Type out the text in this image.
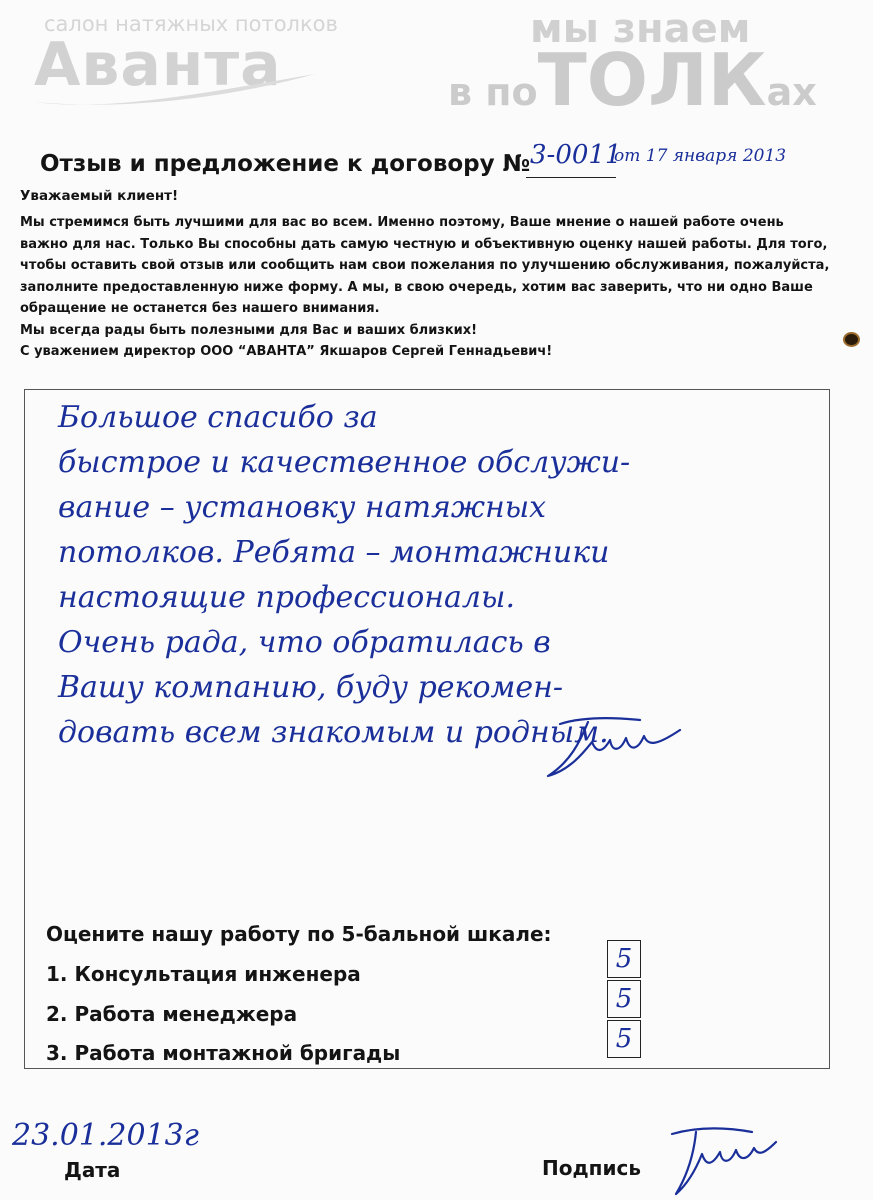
салон натяжных потолков
Аванта
мы знаем
в поТОЛКах
Отзыв и предложение к договору № 3-0011
от 17 января 2013
Уважаемый клиент!

Мы стремимся быть лучшими для вас во всем. Именно поэтому, Ваше мнение о нашей работе очень важно для нас. Только Вы способны дать самую честную и объективную оценку нашей работы. Для того, чтобы оставить свой отзыв или сообщить нам свои пожелания по улучшению обслуживания, пожалуйста, заполните предоставленную ниже форму. А мы, в свою очередь, хотим вас заверить, что ни одно Ваше обращение не останется без нашего внимания.

Мы всегда рады быть полезными для Вас и ваших близких!

С уважением директор ООО “АВАНТА” Якшаров Сергей Геннадьевич!

Большое спасибо за
быстрое и качественное обслужи-
вание – установку натяжных
потолков. Ребята – монтажники
настоящие профессионалы.
Очень рада, что обратилась в
Вашу компанию, буду рекомен-
довать всем знакомым и родным.
Оцените нашу работу по 5-бальной шкале:
1. Консультация инженера
2. Работа менеджера
3. Работа монтажной бригады
5
5
5
23.01.2013г
Дата	Подпись
